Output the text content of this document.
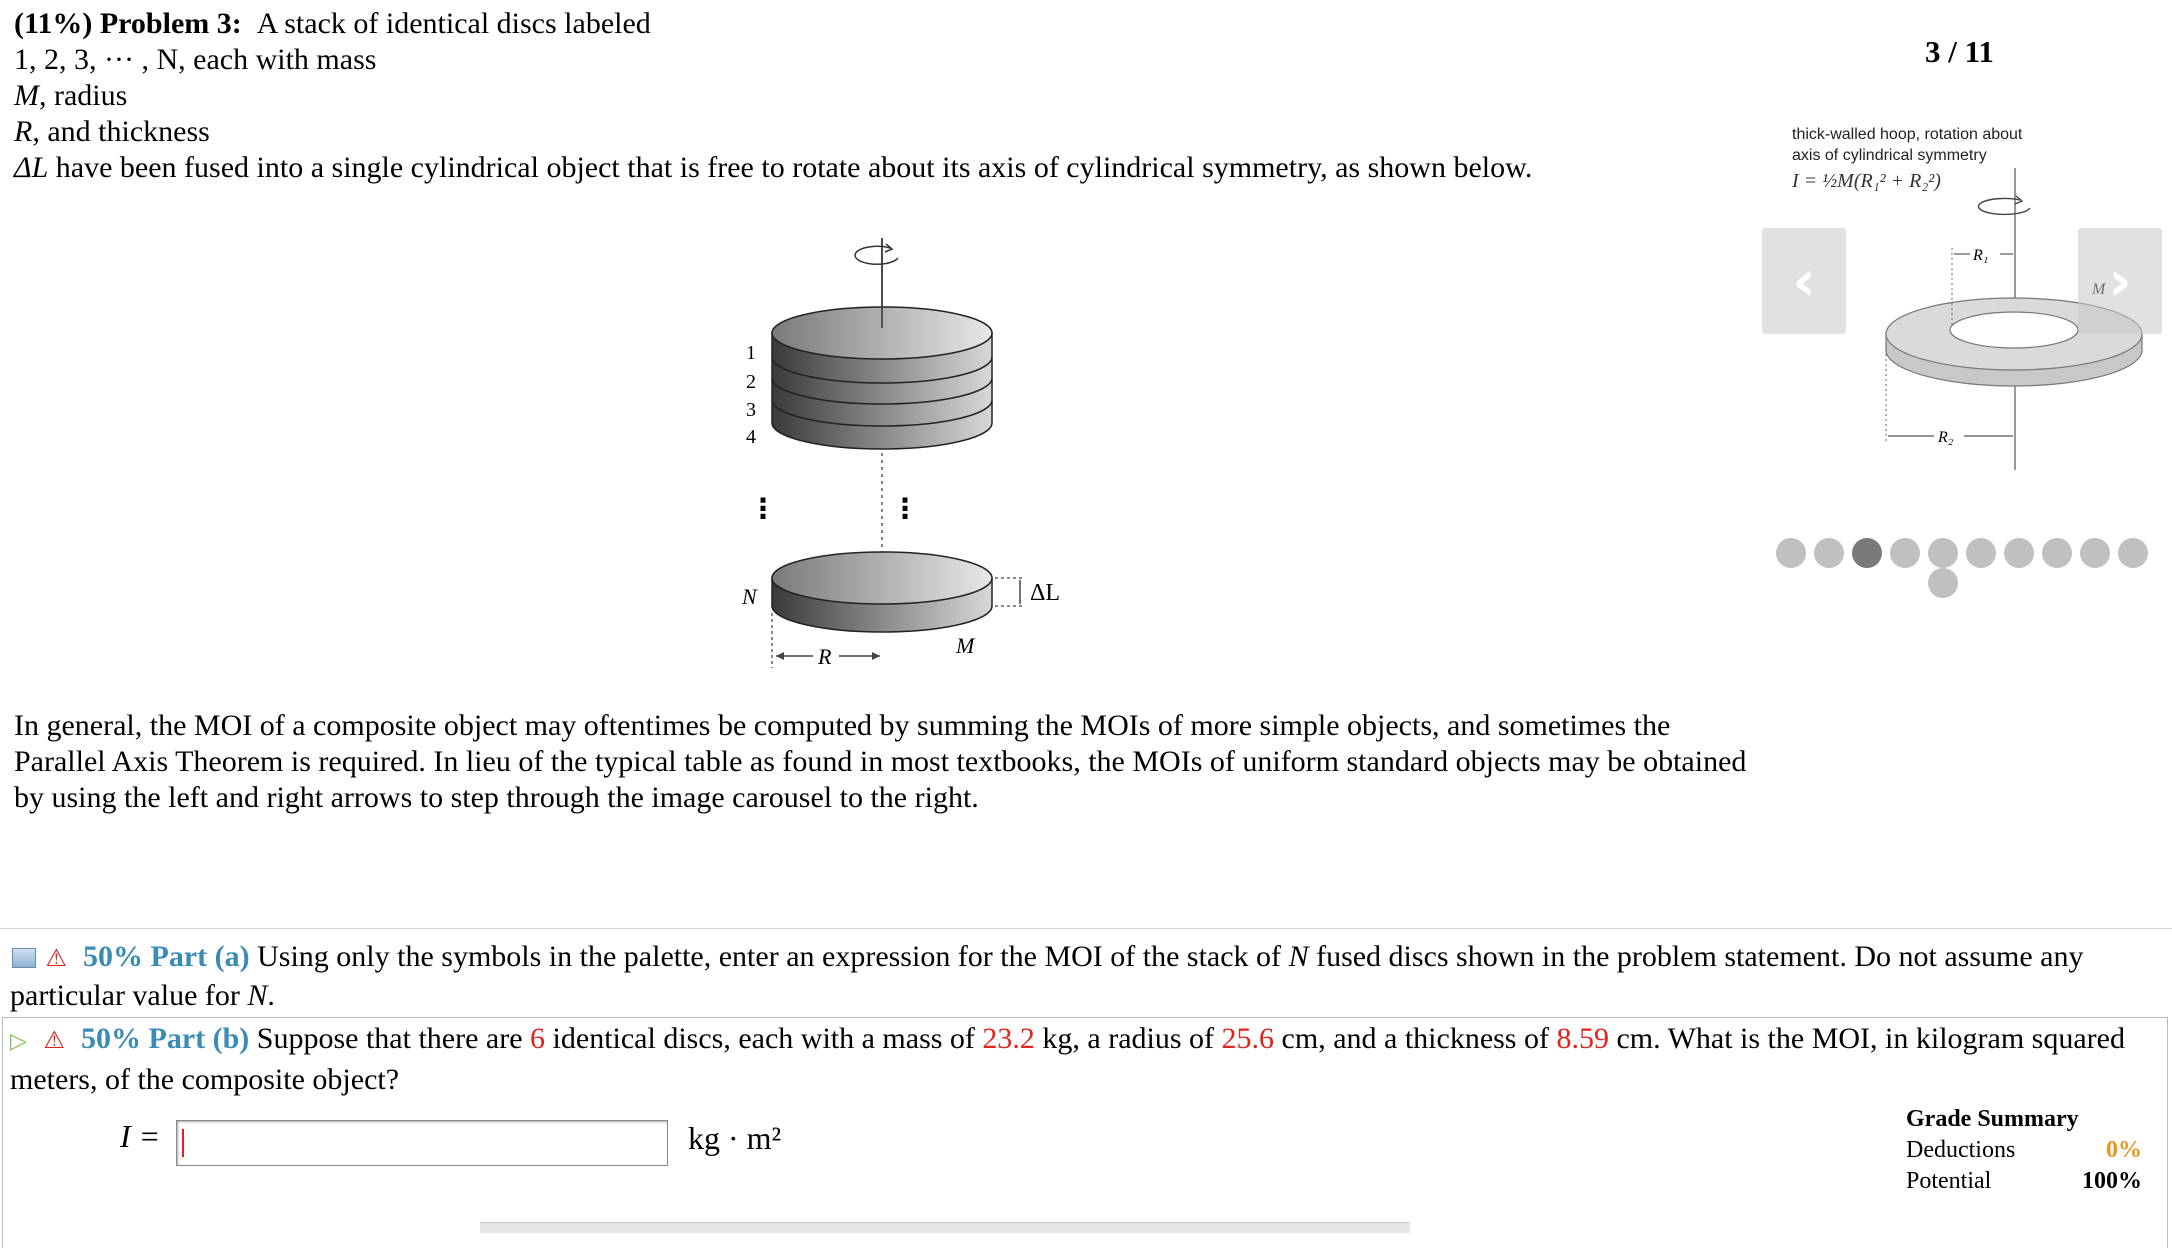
(11%) Problem 3: A stack of identical discs labeled
1, 2, 3, ··· , N, each with mass
M, radius
R, and thickness
ΔL have been fused into a single cylindrical object that is free to rotate about its axis of cylindrical symmetry, as shown below.
3 / 11
1
2
3
4
N
⋮	⋮
R	M
ΔL
In general, the MOI of a composite object may oftentimes be computed by summing the MOIs of more simple objects, and sometimes the Parallel Axis Theorem is required. In lieu of the typical table as found in most textbooks, the MOIs of uniform standard objects may be obtained by using the left and right arrows to step through the image carousel to the right.
thick-walled hoop, rotation about
axis of cylindrical symmetry
I = ½M(R₁² + R₂²)
R₁
R₂
‹	›
⚠ 50% Part (a) Using only the symbols in the palette, enter an expression for the MOI of the stack of N fused discs shown in the problem statement. Do not assume any particular value for N.
▷ ⚠ 50% Part (b) Suppose that there are 6 identical discs, each with a mass of 23.2 kg, a radius of 25.6 cm, and a thickness of 8.59 cm. What is the MOI, in kilogram squared meters, of the composite object?
I =	kg · m²
Grade Summary
Deductions	0%
Potential	100%
